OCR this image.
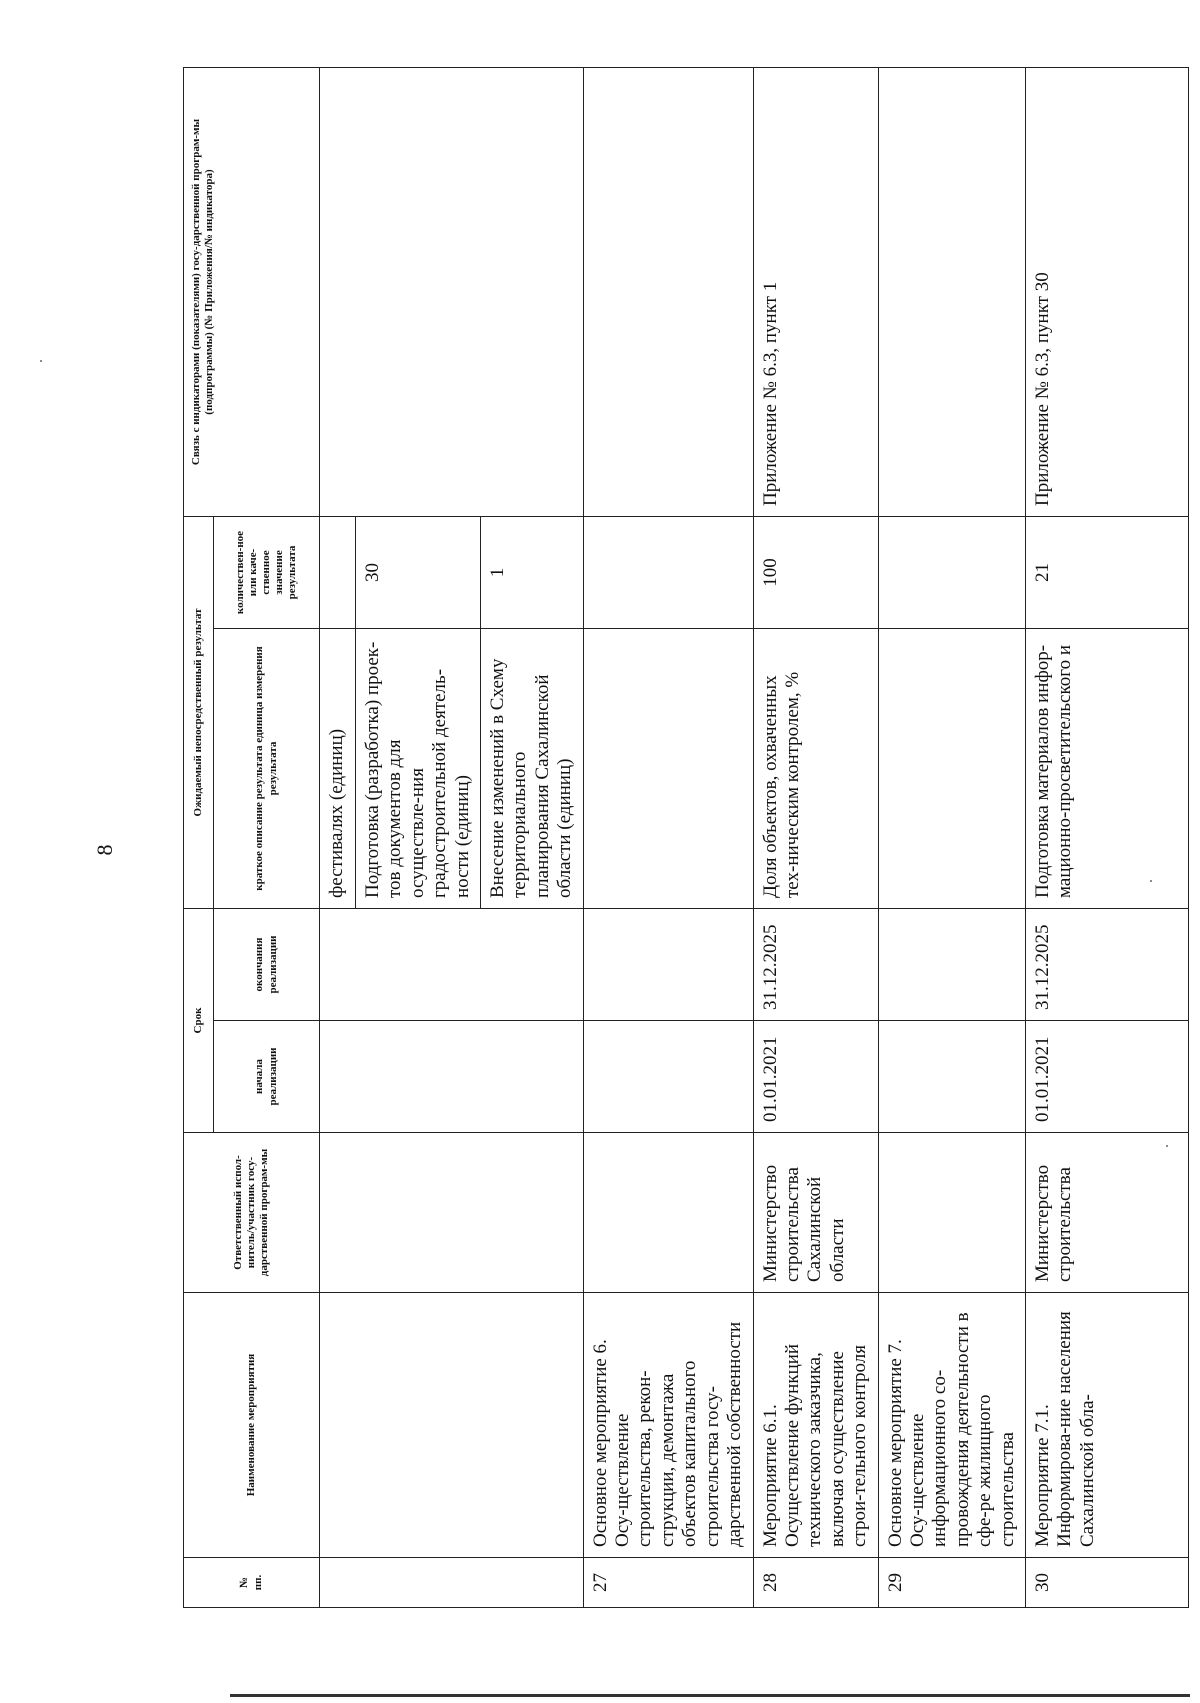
8
№ пп.	Наименование мероприятия	Ответственный испол-нитель/участник госу-дарственной програм-мы	Срок		Ожидаемый непосредственный результат		Связь с индикаторами (показателями) госу-дарственной програм-мы (подпрограммы) (№ Приложения/№ индикатора)
			начала реализации	окончания реализации	краткое описание результата единица измерения результата	количествен-ное или каче-ственное значение результата	
					фестивалях (единиц)		
					Подготовка (разработка) проек-тов документов для осуществле-ния градостроительной деятель-ности (единиц)	30	
					Внесение изменений в Схему территориального планирования Сахалинской области (единиц)	1	
27	Основное мероприятие 6. Осу-ществление строительства, рекон-струкции, демонтажа объектов капитального строительства госу-дарственной собственности						
28	Мероприятие 6.1. Осуществление функций технического заказчика, включая осуществление строи-тельного контроля	Министерство строительства Сахалинской области	01.01.2021	31.12.2025	Доля объектов, охваченных тех-ническим контролем, %	100	Приложение № 6.3, пункт 1
29	Основное мероприятие 7. Осу-ществление информационного со-провождения деятельности в сфе-ре жилищного строительства						
30	Мероприятие 7.1. Информирова-ние населения Сахалинской обла-	Министерство строительства	01.01.2021	31.12.2025	Подготовка материалов инфор-мационно-просветительского и	21	Приложение № 6.3, пункт 30
